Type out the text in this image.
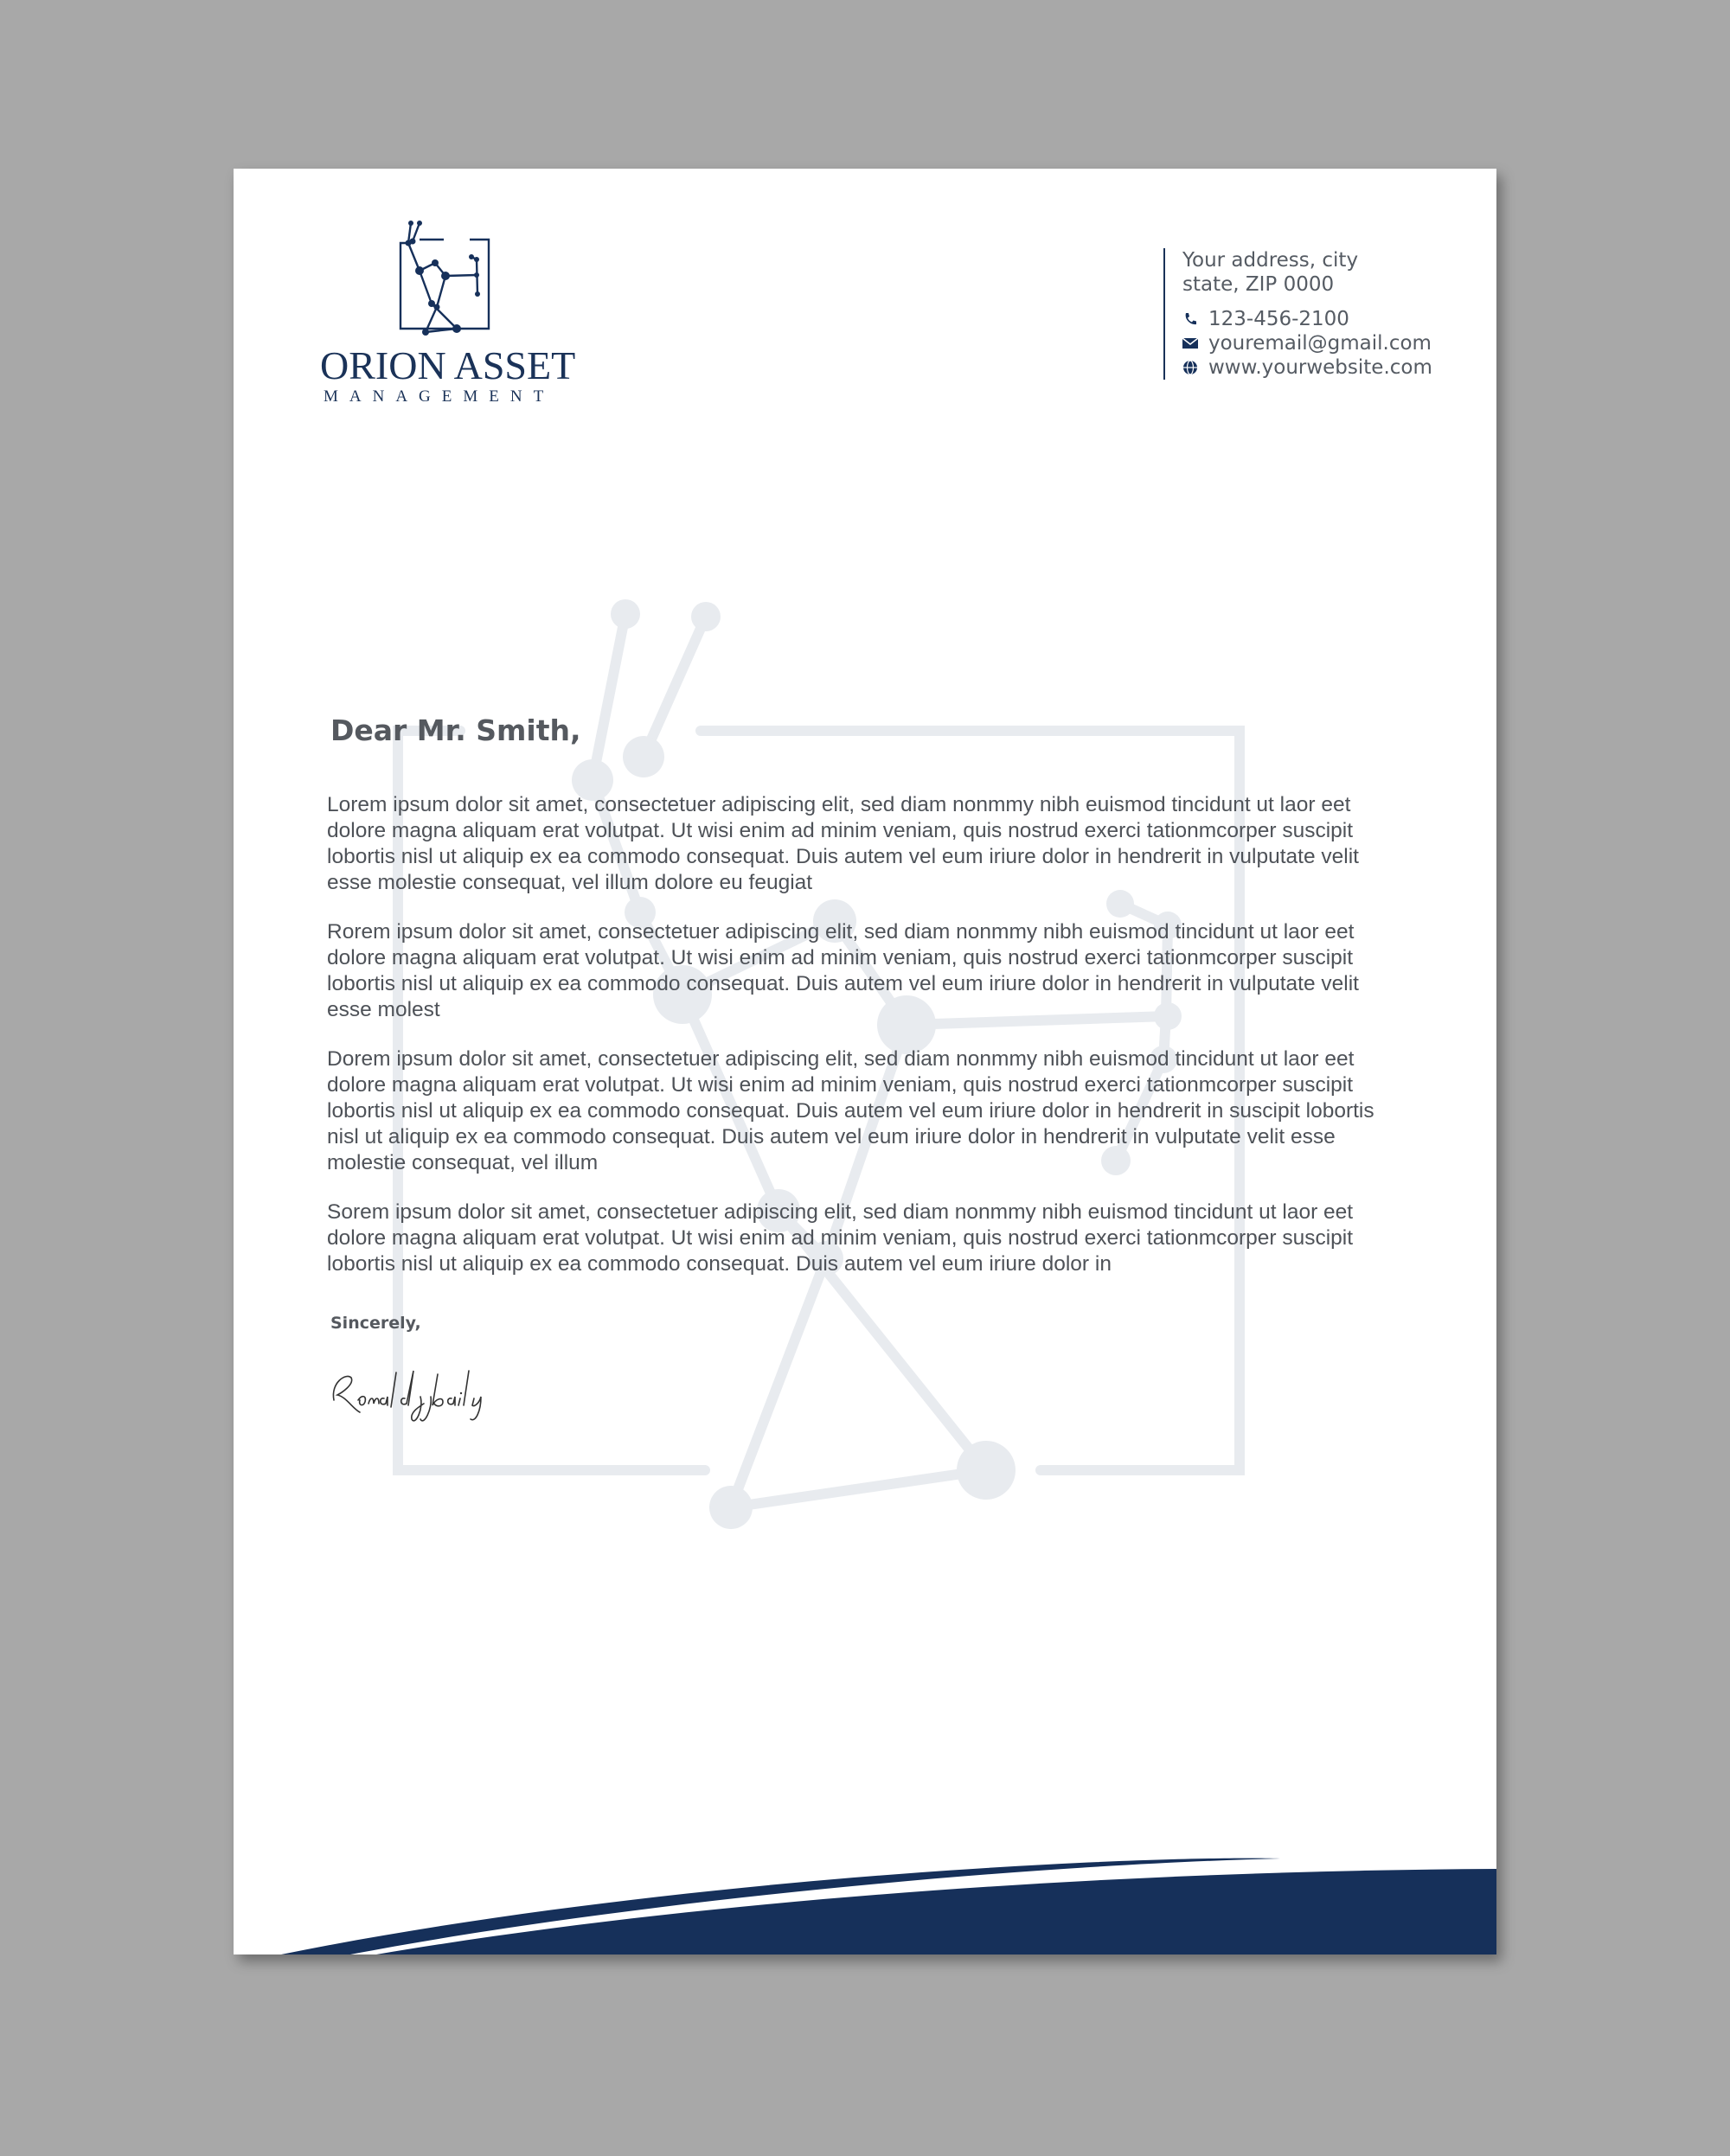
ORION ASSET
MANAGEMENT
Your address, city
state, ZIP 0000
123-456-2100
youremail@gmail.com
www.yourwebsite.com
Dear Mr. Smith,

Lorem ipsum dolor sit amet, consectetuer adipiscing elit, sed diam nonmmy nibh euismod tincidunt ut laor eet dolore magna aliquam erat volutpat. Ut wisi enim ad minim veniam, quis nostrud exerci tationmcorper suscipit lobortis nisl ut aliquip ex ea commodo consequat. Duis autem vel eum iriure dolor in hendrerit in vulputate velit esse molestie consequat, vel illum dolore eu feugiat

Rorem ipsum dolor sit amet, consectetuer adipiscing elit, sed diam nonmmy nibh euismod tincidunt ut laor eet dolore magna aliquam erat volutpat. Ut wisi enim ad minim veniam, quis nostrud exerci tationmcorper suscipit lobortis nisl ut aliquip ex ea commodo consequat. Duis autem vel eum iriure dolor in hendrerit in vulputate velit esse molest

Dorem ipsum dolor sit amet, consectetuer adipiscing elit, sed diam nonmmy nibh euismod tincidunt ut laor eet dolore magna aliquam erat volutpat. Ut wisi enim ad minim veniam, quis nostrud exerci tationmcorper suscipit lobortis nisl ut aliquip ex ea commodo consequat. Duis autem vel eum iriure dolor in hendrerit in suscipit lobortis nisl ut aliquip ex ea commodo consequat. Duis autem vel eum iriure dolor in hendrerit in vulputate velit esse molestie consequat, vel illum

Sorem ipsum dolor sit amet, consectetuer adipiscing elit, sed diam nonmmy nibh euismod tincidunt ut laor eet dolore magna aliquam erat volutpat. Ut wisi enim ad minim veniam, quis nostrud exerci tationmcorper suscipit lobortis nisl ut aliquip ex ea commodo consequat. Duis autem vel eum iriure dolor in

Sincerely,
